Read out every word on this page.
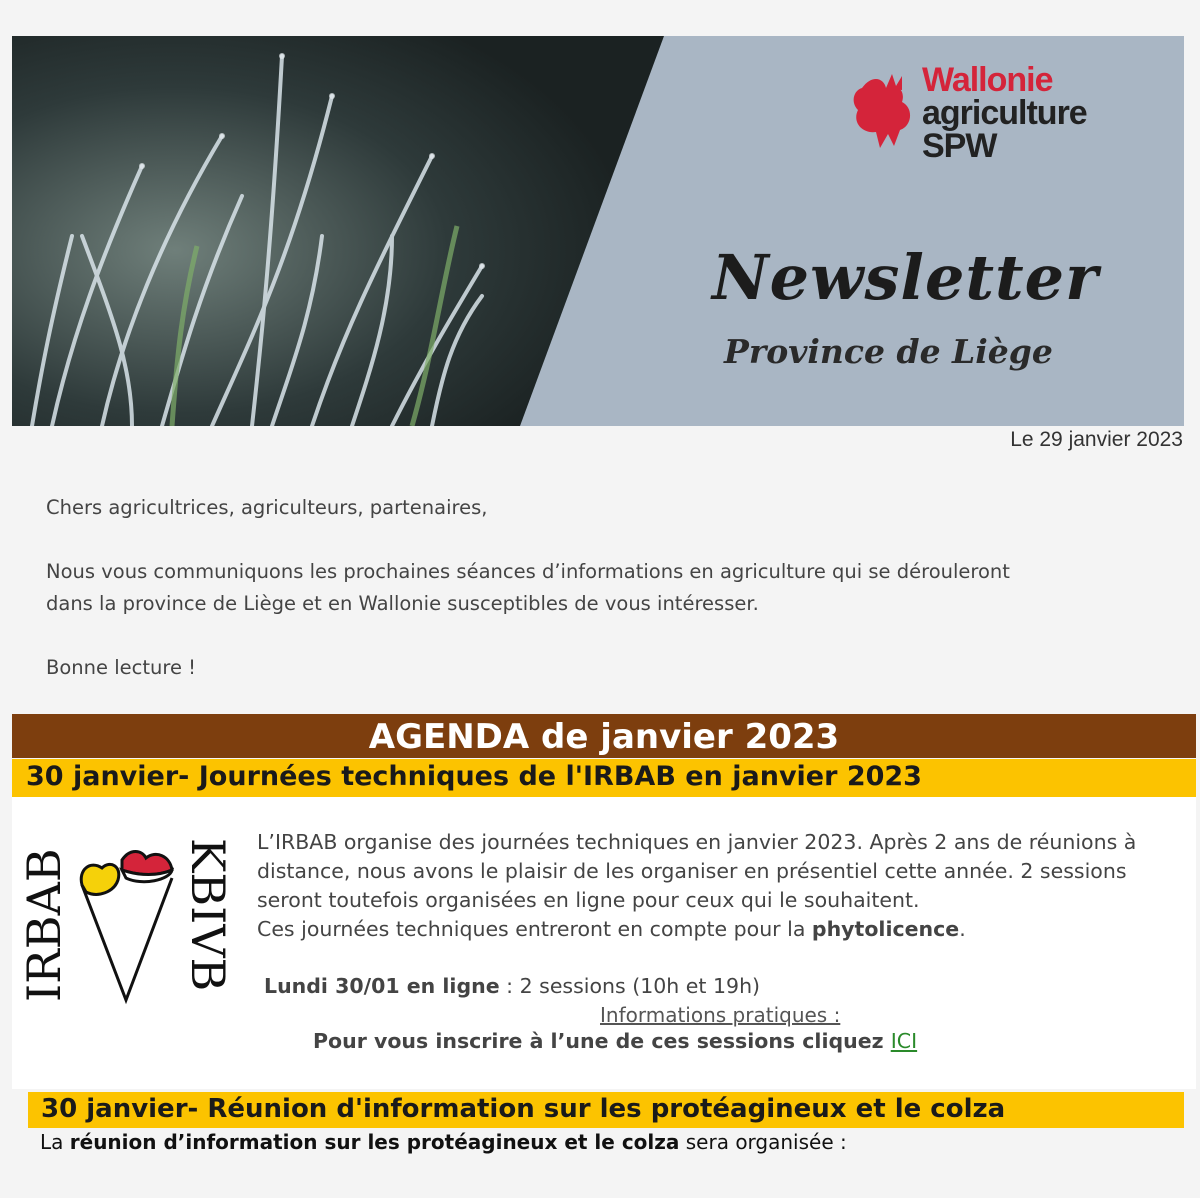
Wallonie
agriculture
SPW
Newsletter
Province de Liège
Le 29 janvier 2023

Chers agricultrices, agriculteurs, partenaires,

Nous vous communiquons les prochaines séances d’informations en agriculture qui se dérouleront dans la province de Liège et en Wallonie susceptibles de vous intéresser.

Bonne lecture !

AGENDA de janvier 2023
30 janvier- Journées techniques de l'IRBAB en janvier 2023
IRBAB KBIVB L’IRBAB organise des journées techniques en janvier 2023. Après 2 ans de réunions à distance, nous avons le plaisir de les organiser en présentiel cette année. 2 sessions seront toutefois organisées en ligne pour ceux qui le souhaitent.

Ces journées techniques entreront en compte pour la phytolicence.

Lundi 30/01 en ligne : 2 sessions (10h et 19h)
Informations pratiques :
Pour vous inscrire à l’une de ces sessions cliquez ICI
30 janvier- Réunion d'information sur les protéagineux et le colza
La réunion d’information sur les protéagineux et le colza sera organisée :
